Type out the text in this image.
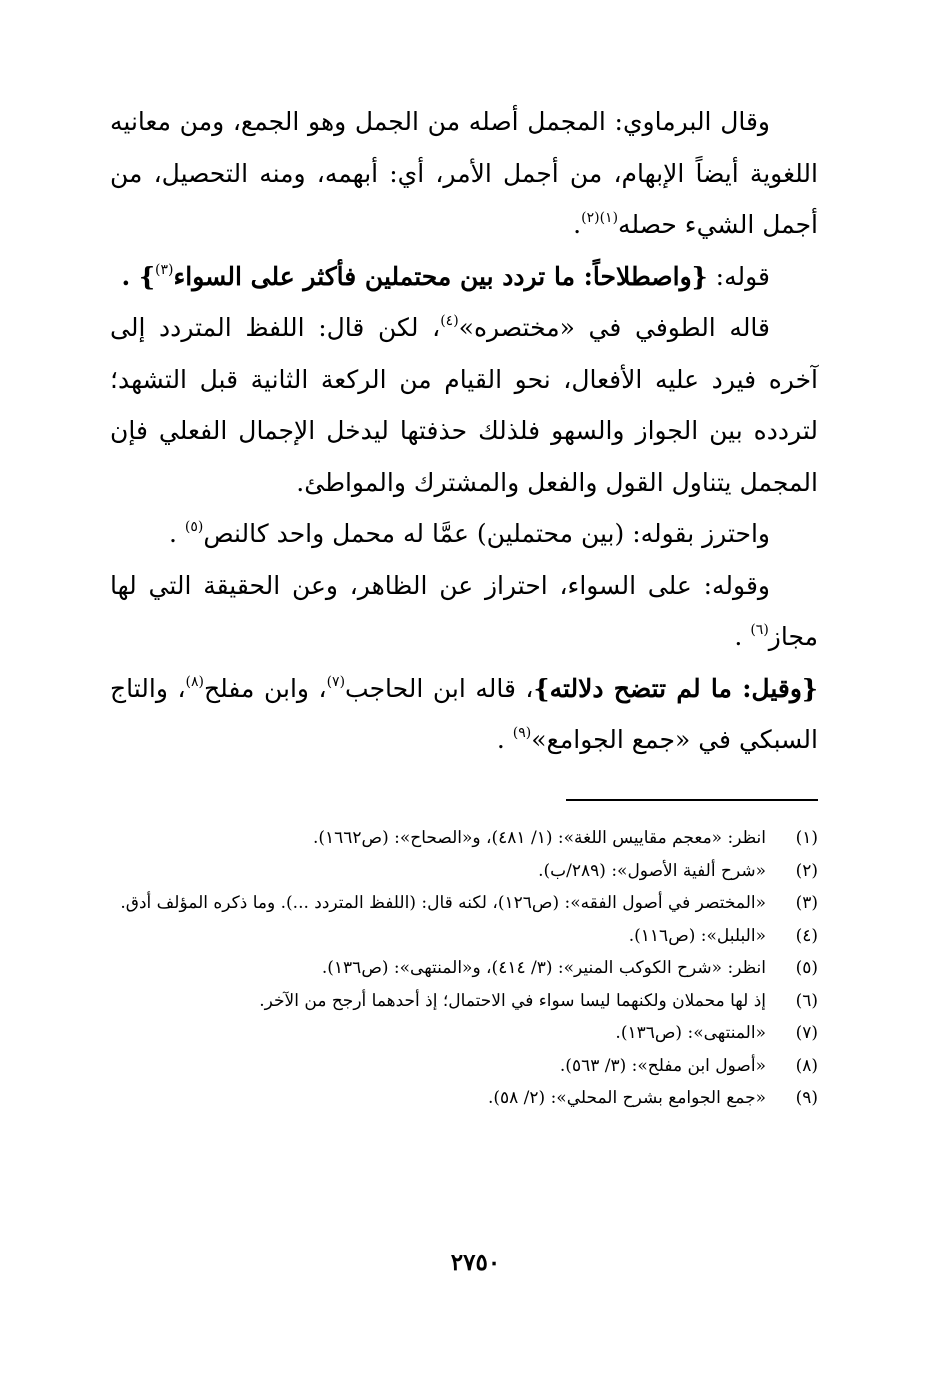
وقال البرماوي: المجمل أصله من الجمل وهو الجمع، ومن معانيه اللغوية أيضاً الإبهام، من أجمل الأمر، أي: أبهمه، ومنه التحصيل، من أجمل الشيء حصله$^{(١)(٢)}$.

قوله: {واصطلاحاً: ما تردد بين محتملين فأكثر على السواء$^{(٣)}$} .

قاله الطوفي في «مختصره»$^{(٤)}$، لكن قال: اللفظ المتردد إلى آخره فيرد عليه الأفعال، نحو القيام من الركعة الثانية قبل التشهد؛ لتردده بين الجواز والسهو فلذلك حذفتها ليدخل الإجمال الفعلي فإن المجمل يتناول القول والفعل والمشترك والمواطئ.

واحترز بقوله: (بين محتملين) عمَّا له محمل واحد كالنص$^{(٥)}$ .

وقوله: على السواء، احتراز عن الظاهر، وعن الحقيقة التي لها مجاز$^{(٦)}$ .

{وقيل: ما لم تتضح دلالته}، قاله ابن الحاجب$^{(٧)}$، وابن مفلح$^{(٨)}$، والتاج السبكي في «جمع الجوامع»$^{(٩)}$ .

(١)
انظر: «معجم مقاييس اللغة»: (١/ ٤٨١)، و«الصحاح»: (ص١٦٦٢).
(٢)
«شرح ألفية الأصول»: (٢٨٩/ب).
(٣)
«المختصر في أصول الفقه»: (ص١٢٦)، لكنه قال: (اللفظ المتردد ...). وما ذكره المؤلف أدق.
(٤)
«البلبل»: (ص١١٦).
(٥)
انظر: «شرح الكوكب المنير»: (٣/ ٤١٤)، و«المنتهى»: (ص١٣٦).
(٦)
إذ لها محملان ولكنهما ليسا سواء في الاحتمال؛ إذ أحدهما أرجح من الآخر.
(٧)
«المنتهى»: (ص١٣٦).
(٨)
«أصول ابن مفلح»: (٣/ ٥٦٣).
(٩)
«جمع الجوامع بشرح المحلي»: (٢/ ٥٨).
٢٧٥٠
